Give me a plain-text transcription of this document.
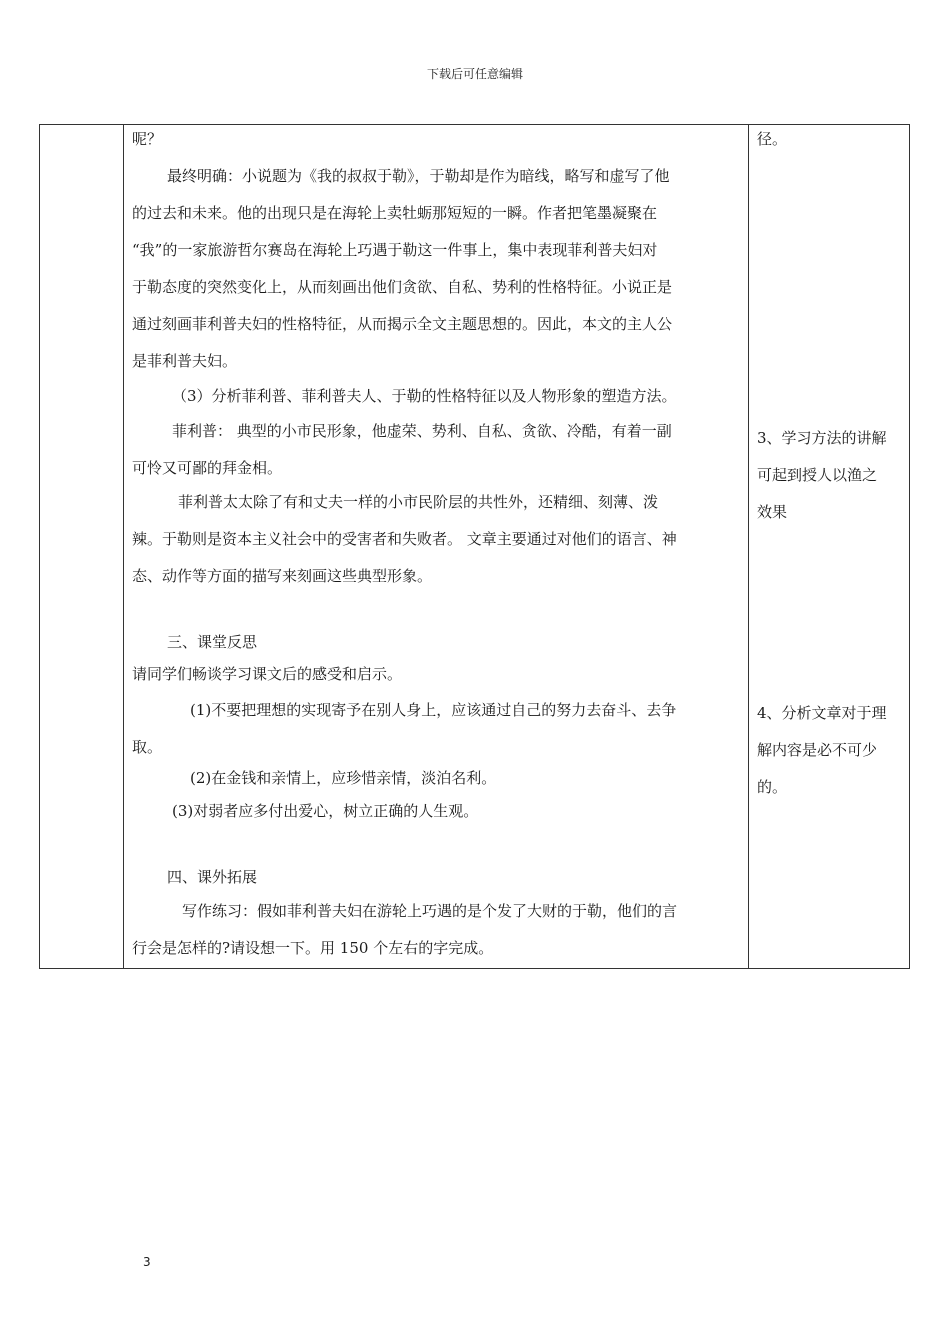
下载后可任意编辑
呢？
最终明确：小说题为《我的叔叔于勒》，于勒却是作为暗线，略写和虚写了他
的过去和未来。他的出现只是在海轮上卖牡蛎那短短的一瞬。作者把笔墨凝聚在
“我”的一家旅游哲尔赛岛在海轮上巧遇于勒这一件事上，集中表现菲利普夫妇对
于勒态度的突然变化上，从而刻画出他们贪欲、自私、势利的性格特征。小说正是
通过刻画菲利普夫妇的性格特征，从而揭示全文主题思想的。因此，本文的主人公
是菲利普夫妇。
（3）分析菲利普、菲利普夫人、于勒的性格特征以及人物形象的塑造方法。
菲利普： 典型的小市民形象，他虚荣、势利、自私、贪欲、冷酷，有着一副
可怜又可鄙的拜金相。
菲利普太太除了有和丈夫一样的小市民阶层的共性外，还精细、刻薄、泼
辣。于勒则是资本主义社会中的受害者和失败者。 文章主要通过对他们的语言、神
态、动作等方面的描写来刻画这些典型形象。
三、课堂反思
请同学们畅谈学习课文后的感受和启示。
(1)不要把理想的实现寄予在别人身上，应该通过自己的努力去奋斗、去争
取。
(2)在金钱和亲情上，应珍惜亲情，淡泊名利。
(3)对弱者应多付出爱心，树立正确的人生观。
四、课外拓展
写作练习：假如菲利普夫妇在游轮上巧遇的是个发了大财的于勒，他们的言
行会是怎样的?请设想一下。用 150 个左右的字完成。
径。
3、学习方法的讲解
可起到授人以渔之
效果
4、分析文章对于理
解内容是必不可少
的。
3
